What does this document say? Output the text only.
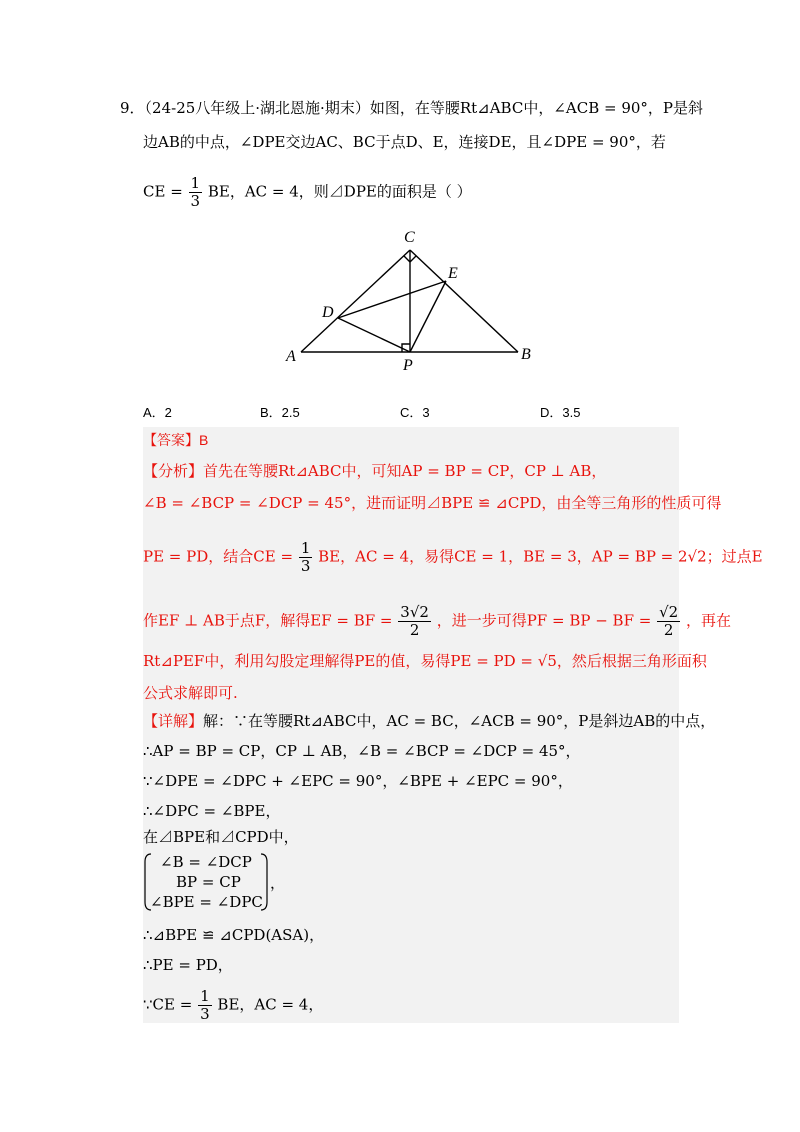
9．（24-25八年级上·湖北恩施·期末）如图，在等腰Rt⊿ABC中，∠ACB = 90°，P是斜
边AB的中点，∠DPE交边AC、BC于点D、E，连接DE，且∠DPE = 90°，若
CE = $\frac{1}{3}$ BE，AC = 4，则⊿DPE的面积是（ ）
C
E
D
A
P
B
A．2	B．2.5	C．3	D．3.5
【答案】B
【分析】首先在等腰Rt⊿ABC中，可知AP = BP = CP，CP ⊥ AB，
∠B = ∠BCP = ∠DCP = 45°，进而证明⊿BPE ≌ ⊿CPD，由全等三角形的性质可得
PE = PD，结合CE = $\frac{1}{3}$ BE，AC = 4，易得CE = 1，BE = 3，AP = BP = 2√2；过点E
作EF ⊥ AB于点F，解得EF = BF = $\frac{3√2}{2}$ ，进一步可得PF = BP − BF = $\frac{√2}{2}$ ，再在
Rt⊿PEF中，利用勾股定理解得PE的值，易得PE = PD = √5，然后根据三角形面积
公式求解即可.
【详解】解：∵在等腰Rt⊿ABC中，AC = BC，∠ACB = 90°，P是斜边AB的中点，
∴AP = BP = CP，CP ⊥ AB，∠B = ∠BCP = ∠DCP = 45°，
∵∠DPE = ∠DPC + ∠EPC = 90°，∠BPE + ∠EPC = 90°，
∴∠DPC = ∠BPE，
在⊿BPE和⊿CPD中，
∠B = ∠DCP
BP = CP
∠BPE = ∠DPC
，
∴⊿BPE ≌ ⊿CPD(ASA)，
∴PE = PD，
∵CE = $\frac{1}{3}$ BE，AC = 4，
